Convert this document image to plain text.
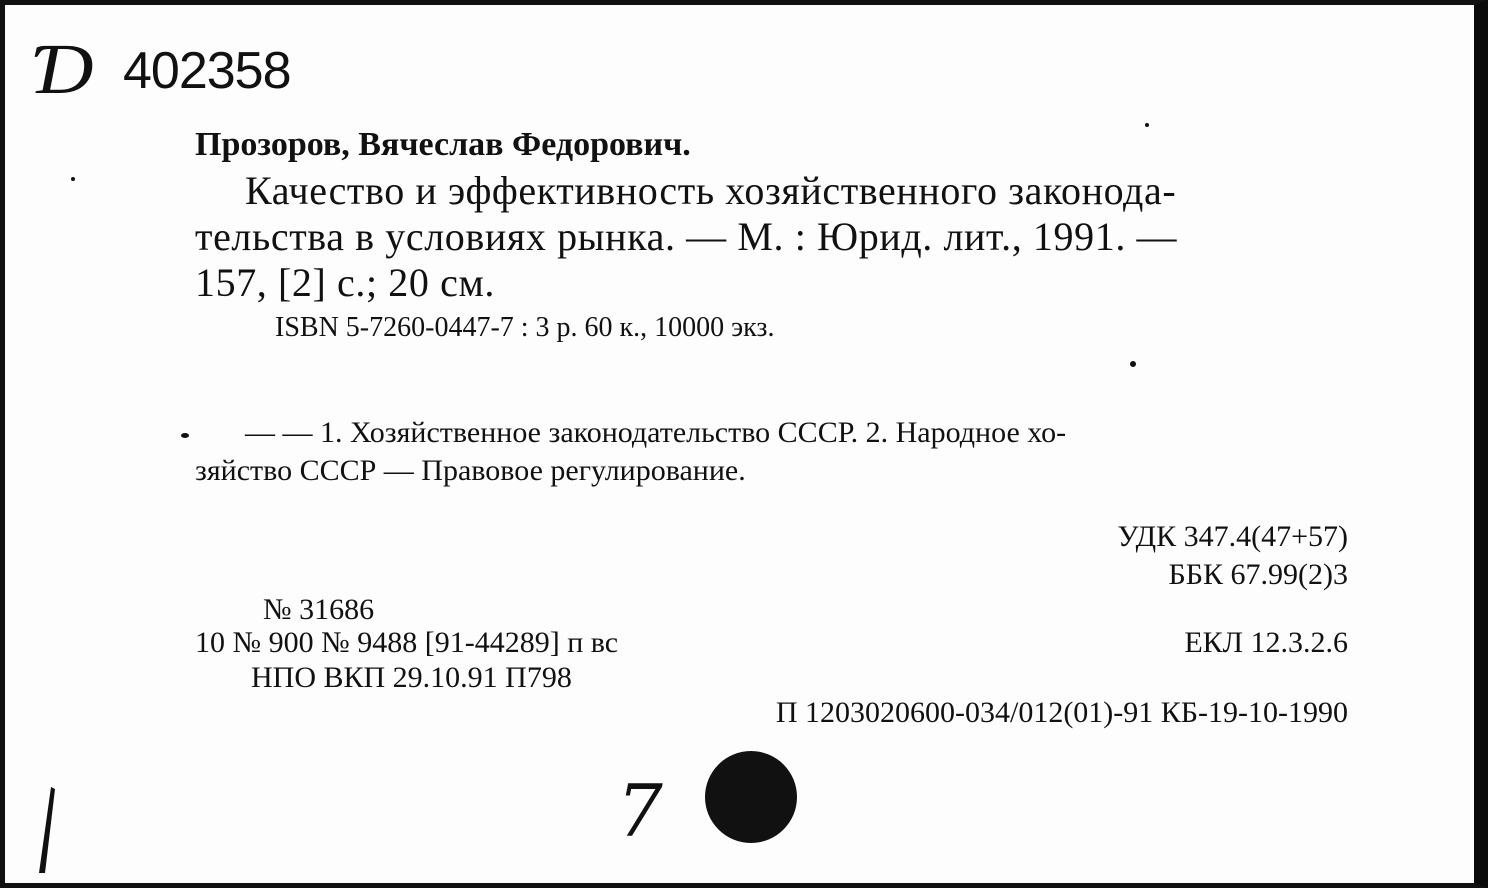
Ɗ 402358
Прозоров, Вячеслав Федорович.
Качество и эффективность хозяйственного законода-
тельства в условиях рынка. — М. : Юрид. лит., 1991. —
157, [2] с.; 20 см.
ISBN 5-7260-0447-7 : 3 р. 60 к., 10000 экз.
— — 1. Хозяйственное законодательство СССР. 2. Народное хо-
зяйство СССР — Правовое регулирование.
УДК 347.4(47+57)
ББК 67.99(2)3
№ 31686
10 № 900 № 9488 [91-44289] п вс	ЕКЛ 12.3.2.6
НПО ВКП 29.10.91 П798
П 1203020600-034/012(01)-91 КБ-19-10-1990
7
